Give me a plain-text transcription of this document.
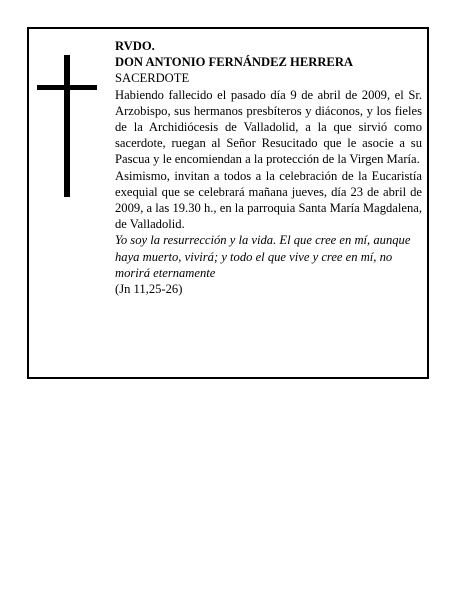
RVDO.

DON ANTONIO FERNÁNDEZ HERRERA

SACERDOTE

Habiendo fallecido el pasado día 9 de abril de 2009, el Sr. Arzobispo, sus hermanos presbíteros y diáconos, y los fieles de la Archidiócesis de Valladolid, a la que sirvió como sacerdote, ruegan al Señor Resucitado que le asocie a su Pascua y le encomiendan a la protección de la Virgen María.

Asimismo, invitan a todos a la celebración de la Eucaristía exequial que se celebrará mañana jueves, día 23 de abril de 2009, a las 19.30 h., en la parroquia Santa María Magdalena, de Valladolid.

Yo soy la resurrección y la vida. El que cree en mí, aunque haya muerto, vivirá; y todo el que vive y cree en mí, no morirá eternamente

(Jn 11,25-26)
